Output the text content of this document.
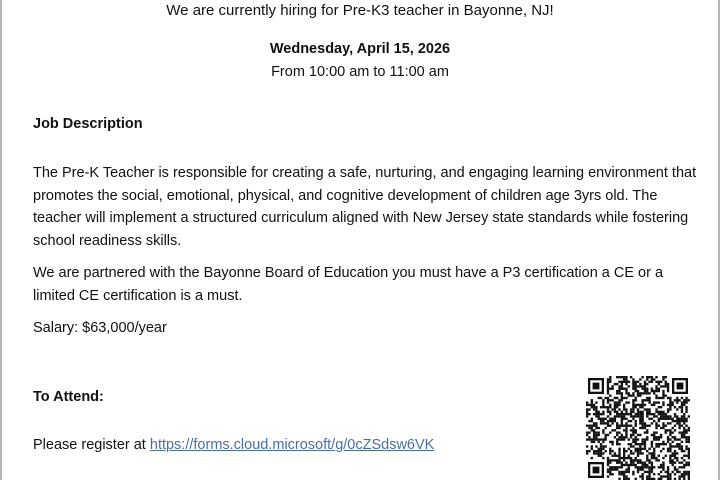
We are currently hiring for Pre-K3 teacher in Bayonne, NJ!
Wednesday, April 15, 2026
From 10:00 am to 11:00 am
Job Description

The Pre-K Teacher is responsible for creating a safe, nurturing, and engaging learning environment that promotes the social, emotional, physical, and cognitive development of children age 3yrs old. The teacher will implement a structured curriculum aligned with New Jersey state standards while fostering school readiness skills.

We are partnered with the Bayonne Board of Education you must have a P3 certification a CE or a limited CE certification is a must.

Salary: $63,000/year

To Attend:
Please register at https://forms.cloud.microsoft/g/0cZSdsw6VK
